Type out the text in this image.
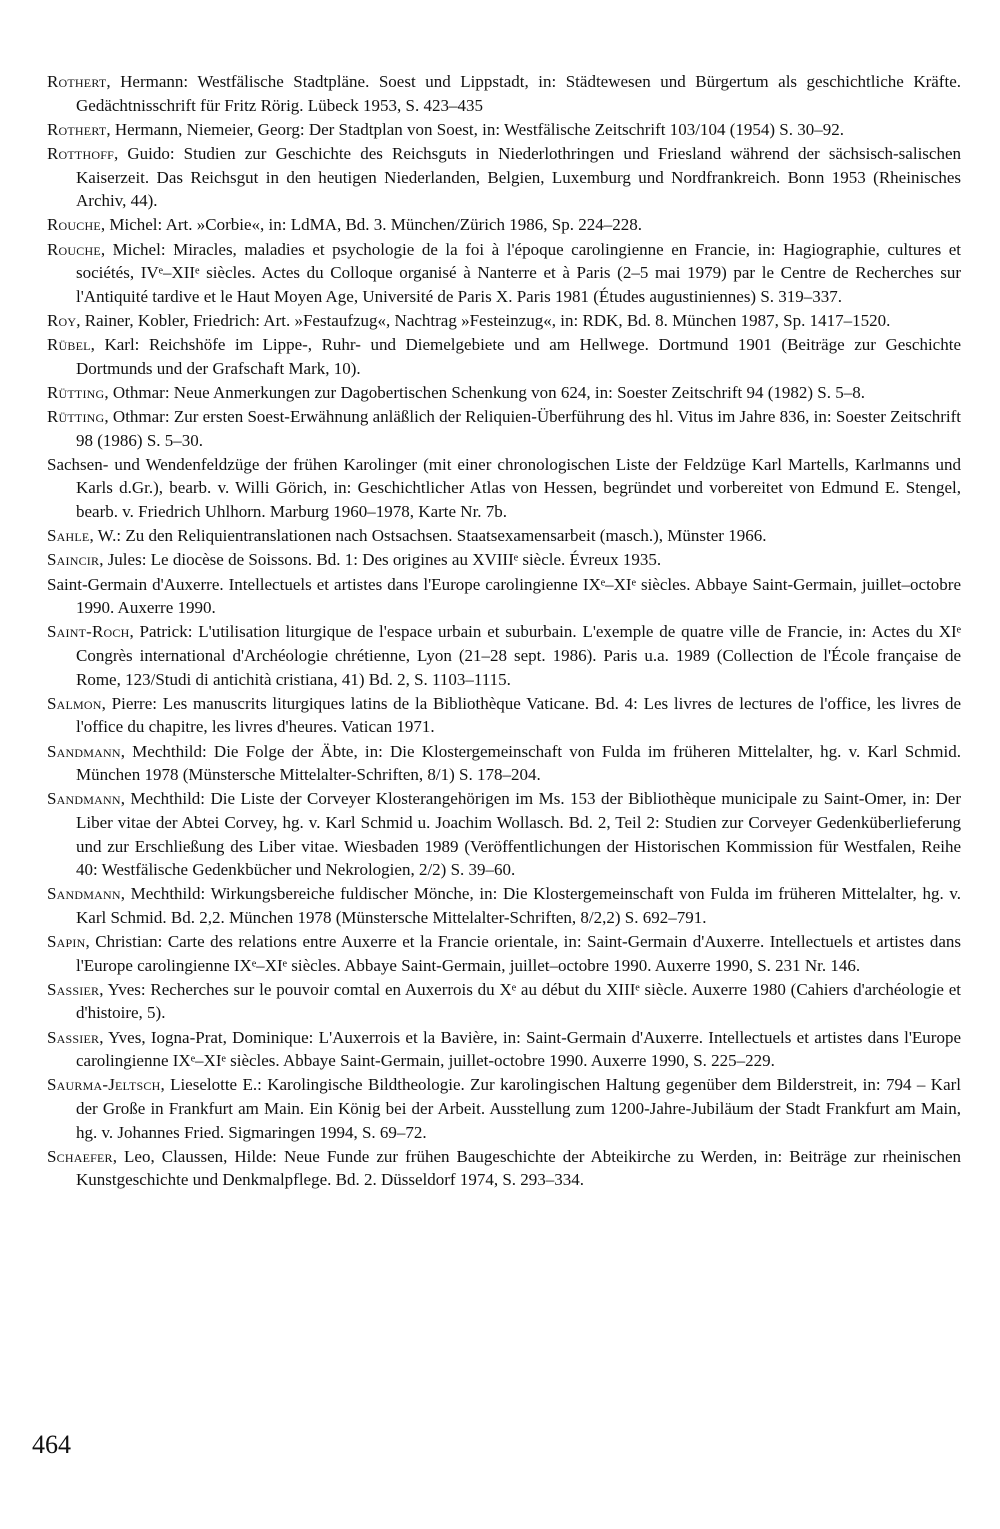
Rothert, Hermann: Westfälische Stadtpläne. Soest und Lippstadt, in: Städtewesen und Bürgertum als geschichtliche Kräfte. Gedächtnisschrift für Fritz Rörig. Lübeck 1953, S. 423–435

Rothert, Hermann, Niemeier, Georg: Der Stadtplan von Soest, in: Westfälische Zeitschrift 103/104 (1954) S. 30–92.

Rotthoff, Guido: Studien zur Geschichte des Reichsguts in Niederlothringen und Friesland während der sächsisch-salischen Kaiserzeit. Das Reichsgut in den heutigen Niederlanden, Belgien, Luxemburg und Nordfrankreich. Bonn 1953 (Rheinisches Archiv, 44).

Rouche, Michel: Art. »Corbie«, in: LdMA, Bd. 3. München/Zürich 1986, Sp. 224–228.

Rouche, Michel: Miracles, maladies et psychologie de la foi à l'époque carolingienne en Francie, in: Hagiographie, cultures et sociétés, IVᵉ–XIIᵉ siècles. Actes du Colloque organisé à Nanterre et à Paris (2–5 mai 1979) par le Centre de Recherches sur l'Antiquité tardive et le Haut Moyen Age, Université de Paris X. Paris 1981 (Études augustiniennes) S. 319–337.

Roy, Rainer, Kobler, Friedrich: Art. »Festaufzug«, Nachtrag »Festeinzug«, in: RDK, Bd. 8. München 1987, Sp. 1417–1520.

Rübel, Karl: Reichshöfe im Lippe-, Ruhr- und Diemelgebiete und am Hellwege. Dortmund 1901 (Beiträge zur Geschichte Dortmunds und der Grafschaft Mark, 10).

Rütting, Othmar: Neue Anmerkungen zur Dagobertischen Schenkung von 624, in: Soester Zeitschrift 94 (1982) S. 5–8.

Rütting, Othmar: Zur ersten Soest-Erwähnung anläßlich der Reliquien-Überführung des hl. Vitus im Jahre 836, in: Soester Zeitschrift 98 (1986) S. 5–30.

Sachsen- und Wendenfeldzüge der frühen Karolinger (mit einer chronologischen Liste der Feldzüge Karl Martells, Karlmanns und Karls d.Gr.), bearb. v. Willi Görich, in: Geschichtlicher Atlas von Hessen, begründet und vorbereitet von Edmund E. Stengel, bearb. v. Friedrich Uhlhorn. Marburg 1960–1978, Karte Nr. 7b.

Sahle, W.: Zu den Reliquientranslationen nach Ostsachsen. Staatsexamensarbeit (masch.), Münster 1966.

Saincir, Jules: Le diocèse de Soissons. Bd. 1: Des origines au XVIIIᵉ siècle. Évreux 1935.

Saint-Germain d'Auxerre. Intellectuels et artistes dans l'Europe carolingienne IXᵉ–XIᵉ siècles. Abbaye Saint-Germain, juillet–octobre 1990. Auxerre 1990.

Saint-Roch, Patrick: L'utilisation liturgique de l'espace urbain et suburbain. L'exemple de quatre ville de Francie, in: Actes du XIᵉ Congrès international d'Archéologie chrétienne, Lyon (21–28 sept. 1986). Paris u.a. 1989 (Collection de l'École française de Rome, 123/Studi di antichità cristiana, 41) Bd. 2, S. 1103–1115.

Salmon, Pierre: Les manuscrits liturgiques latins de la Bibliothèque Vaticane. Bd. 4: Les livres de lectures de l'office, les livres de l'office du chapitre, les livres d'heures. Vatican 1971.

Sandmann, Mechthild: Die Folge der Äbte, in: Die Klostergemeinschaft von Fulda im früheren Mittelalter, hg. v. Karl Schmid. München 1978 (Münstersche Mittelalter-Schriften, 8/1) S. 178–204.

Sandmann, Mechthild: Die Liste der Corveyer Klosterangehörigen im Ms. 153 der Bibliothèque municipale zu Saint-Omer, in: Der Liber vitae der Abtei Corvey, hg. v. Karl Schmid u. Joachim Wollasch. Bd. 2, Teil 2: Studien zur Corveyer Gedenküberlieferung und zur Erschließung des Liber vitae. Wiesbaden 1989 (Veröffentlichungen der Historischen Kommission für Westfalen, Reihe 40: Westfälische Gedenkbücher und Nekrologien, 2/2) S. 39–60.

Sandmann, Mechthild: Wirkungsbereiche fuldischer Mönche, in: Die Klostergemeinschaft von Fulda im früheren Mittelalter, hg. v. Karl Schmid. Bd. 2,2. München 1978 (Münstersche Mittelalter-Schriften, 8/2,2) S. 692–791.

Sapin, Christian: Carte des relations entre Auxerre et la Francie orientale, in: Saint-Germain d'Auxerre. Intellectuels et artistes dans l'Europe carolingienne IXᵉ–XIᵉ siècles. Abbaye Saint-Germain, juillet–octobre 1990. Auxerre 1990, S. 231 Nr. 146.

Sassier, Yves: Recherches sur le pouvoir comtal en Auxerrois du Xᵉ au début du XIIIᵉ siècle. Auxerre 1980 (Cahiers d'archéologie et d'histoire, 5).

Sassier, Yves, Iogna-Prat, Dominique: L'Auxerrois et la Bavière, in: Saint-Germain d'Auxerre. Intellectuels et artistes dans l'Europe carolingienne IXᵉ–XIᵉ siècles. Abbaye Saint-Germain, juillet-octobre 1990. Auxerre 1990, S. 225–229.

Saurma-Jeltsch, Lieselotte E.: Karolingische Bildtheologie. Zur karolingischen Haltung gegenüber dem Bilderstreit, in: 794 – Karl der Große in Frankfurt am Main. Ein König bei der Arbeit. Ausstellung zum 1200-Jahre-Jubiläum der Stadt Frankfurt am Main, hg. v. Johannes Fried. Sigmaringen 1994, S. 69–72.

Schaefer, Leo, Claussen, Hilde: Neue Funde zur frühen Baugeschichte der Abteikirche zu Werden, in: Beiträge zur rheinischen Kunstgeschichte und Denkmalpflege. Bd. 2. Düsseldorf 1974, S. 293–334.

464
